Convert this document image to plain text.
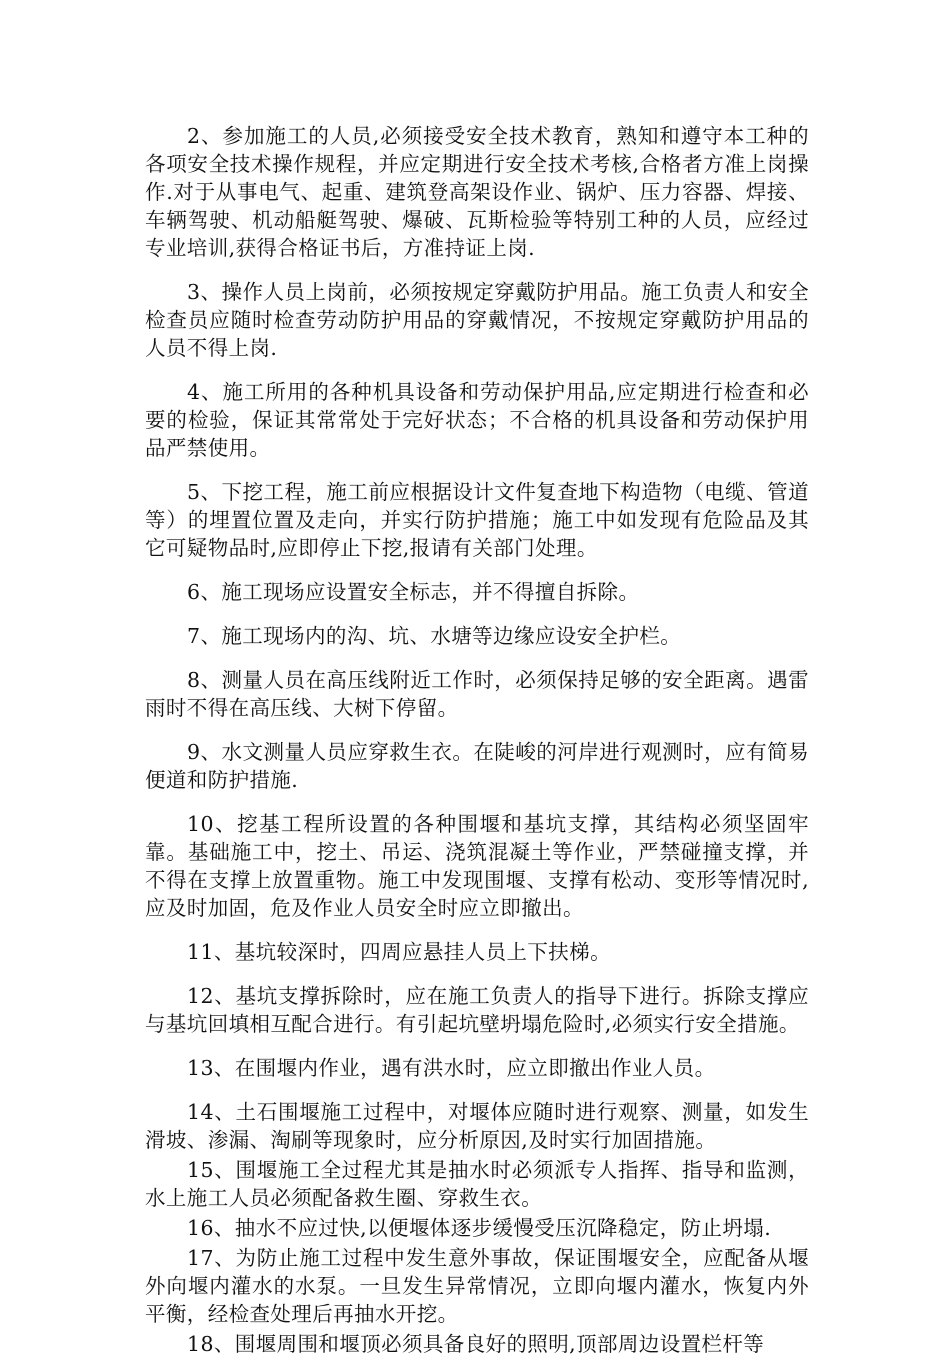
2、参加施工的人员,必须接受安全技术教育，熟知和遵守本工种的各项安全技术操作规程，并应定期进行安全技术考核,合格者方准上岗操作.对于从事电气、起重、建筑登高架设作业、锅炉、压力容器、焊接、车辆驾驶、机动船艇驾驶、爆破、瓦斯检验等特别工种的人员，应经过专业培训,获得合格证书后，方准持证上岗.

3、操作人员上岗前，必须按规定穿戴防护用品。施工负责人和安全检查员应随时检查劳动防护用品的穿戴情况，不按规定穿戴防护用品的人员不得上岗.

4、施工所用的各种机具设备和劳动保护用品,应定期进行检查和必要的检验，保证其常常处于完好状态；不合格的机具设备和劳动保护用品严禁使用。

5、下挖工程，施工前应根据设计文件复查地下构造物（电缆、管道等）的埋置位置及走向，并实行防护措施；施工中如发现有危险品及其它可疑物品时,应即停止下挖,报请有关部门处理。

6、施工现场应设置安全标志，并不得擅自拆除。

7、施工现场内的沟、坑、水塘等边缘应设安全护栏。

8、测量人员在高压线附近工作时，必须保持足够的安全距离。遇雷雨时不得在高压线、大树下停留。

9、水文测量人员应穿救生衣。在陡峻的河岸进行观测时，应有简易便道和防护措施.

10、挖基工程所设置的各种围堰和基坑支撑，其结构必须坚固牢靠。基础施工中，挖土、吊运、浇筑混凝土等作业，严禁碰撞支撑，并不得在支撑上放置重物。施工中发现围堰、支撑有松动、变形等情况时,应及时加固，危及作业人员安全时应立即撤出。

11、基坑较深时，四周应悬挂人员上下扶梯。

12、基坑支撑拆除时，应在施工负责人的指导下进行。拆除支撑应与基坑回填相互配合进行。有引起坑壁坍塌危险时,必须实行安全措施。

13、在围堰内作业，遇有洪水时，应立即撤出作业人员。

14、土石围堰施工过程中，对堰体应随时进行观察、测量，如发生滑坡、渗漏、淘刷等现象时，应分析原因,及时实行加固措施。

15、围堰施工全过程尤其是抽水时必须派专人指挥、指导和监测，水上施工人员必须配备救生圈、穿救生衣。

16、抽水不应过快,以便堰体逐步缓慢受压沉降稳定，防止坍塌.

17、为防止施工过程中发生意外事故，保证围堰安全，应配备从堰外向堰内灌水的水泵。一旦发生异常情况，立即向堰内灌水，恢复内外平衡，经检查处理后再抽水开挖。

18、围堰周围和堰顶必须具备良好的照明,顶部周边设置栏杆等
